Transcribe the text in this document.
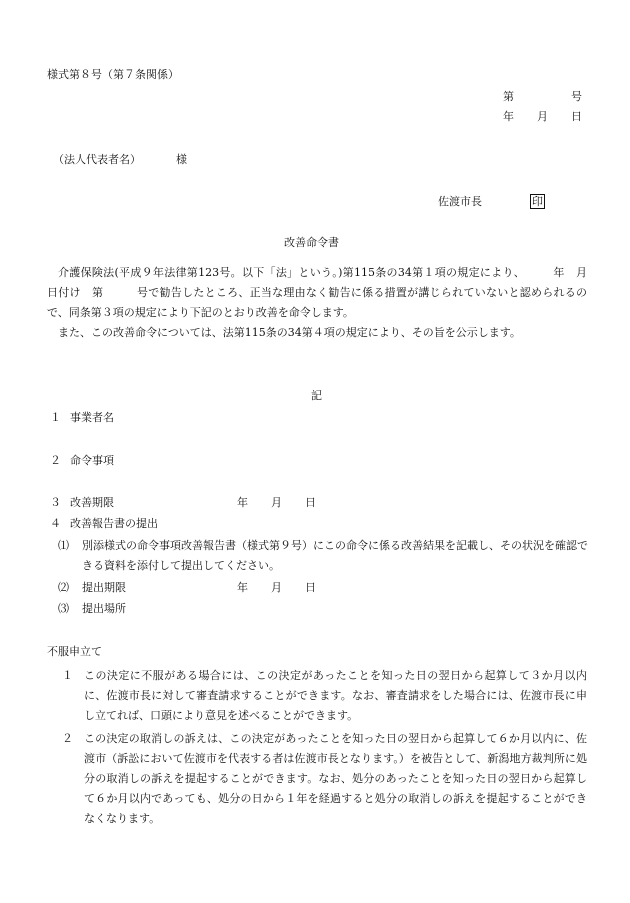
様式第８号（第７条関係）
第	号
年 月 日
（法人代表者名）	様
佐渡市長	印
改善命令書

介護保険法(平成９年法律第123号。以下「法」という。)第115条の34第１項の規定により、　　　年　月　　日付け　第　　　号で勧告したところ、正当な理由なく勧告に係る措置が講じられていないと認められるので、同条第３項の規定により下記のとおり改善を命令します。

また、この改善命令については、法第115条の34第４項の規定により、その旨を公示します。

記
１ 事業者名
２ 命令事項
３ 改善期限	年 月 日
４ 改善報告書の提出
⑴ 別添様式の命令事項改善報告書（様式第９号）にこの命令に係る改善結果を記載し、その状況を確認できる資料を添付して提出してください。
⑵ 提出期限	年 月 日
⑶ 提出場所
不服申立て
１ この決定に不服がある場合には、この決定があったことを知った日の翌日から起算して３か月以内に、佐渡市長に対して審査請求することができます。なお、審査請求をした場合には、佐渡市長に申し立てれば、口頭により意見を述べることができます。
２ この決定の取消しの訴えは、この決定があったことを知った日の翌日から起算して６か月以内に、佐渡市（訴訟において佐渡市を代表する者は佐渡市長となります。）を被告として、新潟地方裁判所に処分の取消しの訴えを提起することができます。なお、処分のあったことを知った日の翌日から起算して６か月以内であっても、処分の日から１年を経過すると処分の取消しの訴えを提起することができなくなります。
